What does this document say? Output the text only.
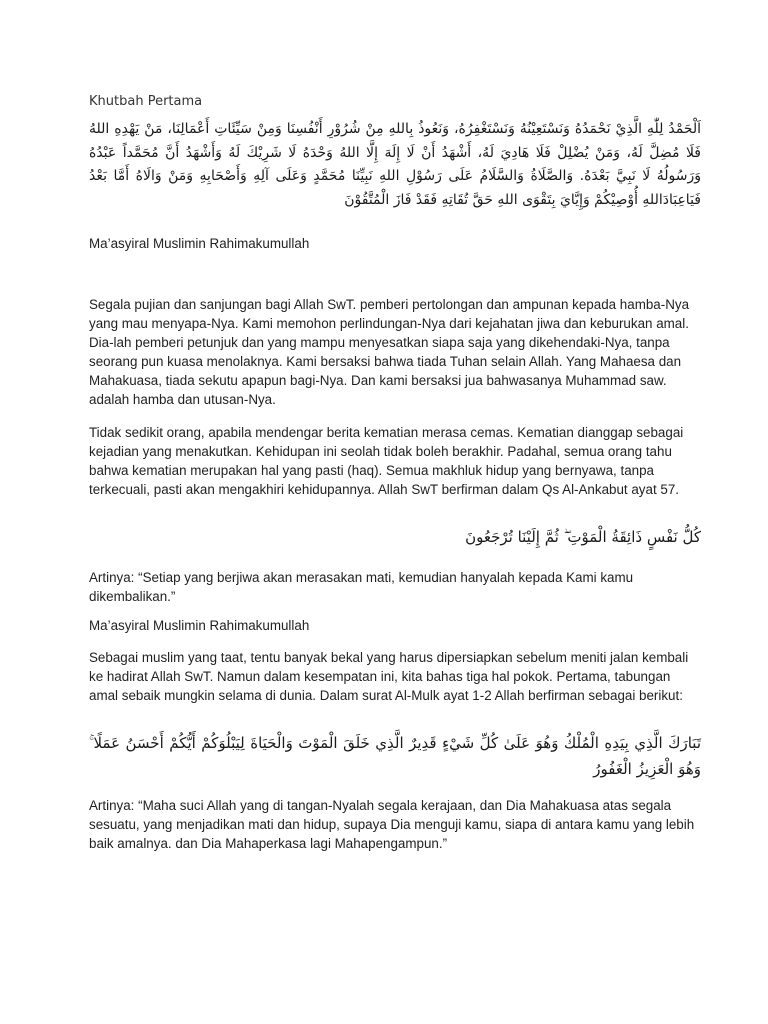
Khutbah Pertama
اَلْحَمْدُ لِلّٰهِ الَّذِيْ نَحْمَدُهُ وَنَسْتَعِيْنُهُ وَنَسْتَغْفِرُهُ، وَنَعُوذُ بِاللهِ مِنْ شُرُوْرِ أَنْفُسِنَا وَمِنْ سَيِّئَاتِ أَعْمَالِنَا، مَنْ يَهْدِهِ اللهُ فَلَا مُضِلَّ لَهُ، وَمَنْ يُضْلِلْ فَلَا هَادِيَ لَهُ، أَشْهَدُ أَنْ لَا إِلَهَ إِلَّا اللهُ وَحْدَهُ لَا شَرِيْكَ لَهُ وَأَشْهَدُ أَنَّ مُحَمَّداً عَبْدُهُ وَرَسُولُهُ لَا نَبِيَّ بَعْدَهُ. وَالصَّلَاةُ وَالسَّلَامُ عَلَى رَسُوْلِ اللهِ نَبِيِّنَا مُحَمَّدٍ وَعَلَى آلِهِ وَأَصْحَابِهِ وَمَنْ وَالَاهُ أَمَّا بَعْدُ فَيَاعِبَادَاللهِ أُوْصِيْكُمْ وَإِيَّايَ بِتَقْوَى اللهِ حَقَّ تُقَاتِهِ فَقَدْ فَازَ الْمُتَّقُوْنَ

Ma’asyiral Muslimin Rahimakumullah

Segala pujian dan sanjungan bagi Allah SwT. pemberi pertolongan dan ampunan kepada hamba-Nya yang mau menyapa-Nya. Kami memohon perlindungan-Nya dari kejahatan jiwa dan keburukan amal. Dia-lah pemberi petunjuk dan yang mampu menyesatkan siapa saja yang dikehendaki-Nya, tanpa seorang pun kuasa menolaknya. Kami bersaksi bahwa tiada Tuhan selain Allah. Yang Mahaesa dan Mahakuasa, tiada sekutu apapun bagi-Nya. Dan kami bersaksi jua bahwasanya Muhammad saw. adalah hamba dan utusan-Nya.

Tidak sedikit orang, apabila mendengar berita kematian merasa cemas. Kematian dianggap sebagai kejadian yang menakutkan. Kehidupan ini seolah tidak boleh berakhir. Padahal, semua orang tahu bahwa kematian merupakan hal yang pasti (haq). Semua makhluk hidup yang bernyawa, tanpa terkecuali, pasti akan mengakhiri kehidupannya. Allah SwT berfirman dalam Qs Al-Ankabut ayat 57.

كُلُّ نَفْسٍ ذَائِقَةُ الْمَوْتِ ۖ ثُمَّ إِلَيْنَا تُرْجَعُونَ

Artinya: “Setiap yang berjiwa akan merasakan mati, kemudian hanyalah kepada Kami kamu dikembalikan.”

Ma’asyiral Muslimin Rahimakumullah

Sebagai muslim yang taat, tentu banyak bekal yang harus dipersiapkan sebelum meniti jalan kembali ke hadirat Allah SwT. Namun dalam kesempatan ini, kita bahas tiga hal pokok. Pertama, tabungan amal sebaik mungkin selama di dunia. Dalam surat Al-Mulk ayat 1-2 Allah berfirman sebagai berikut:

تَبَارَكَ الَّذِي بِيَدِهِ الْمُلْكُ وَهُوَ عَلَىٰ كُلِّ شَيْءٍ قَدِيرٌ الَّذِي خَلَقَ الْمَوْتَ وَالْحَيَاةَ لِيَبْلُوَكُمْ أَيُّكُمْ أَحْسَنُ عَمَلًا ۚ وَهُوَ الْعَزِيزُ الْغَفُورُ

Artinya: “Maha suci Allah yang di tangan-Nyalah segala kerajaan, dan Dia Mahakuasa atas segala sesuatu, yang menjadikan mati dan hidup, supaya Dia menguji kamu, siapa di antara kamu yang lebih baik amalnya. dan Dia Mahaperkasa lagi Mahapengampun.”
